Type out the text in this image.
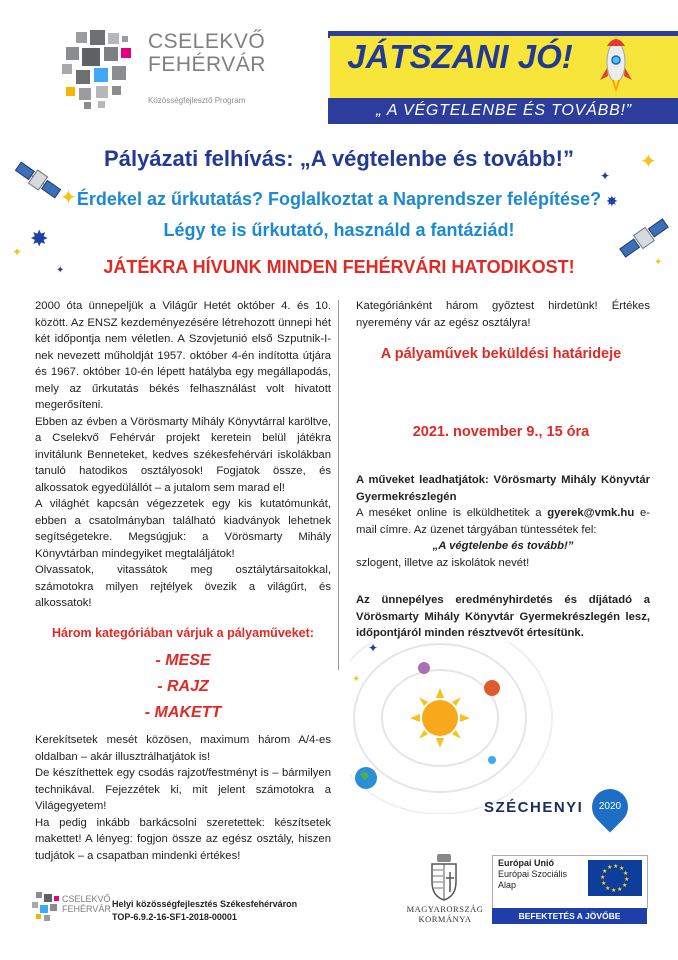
CSELEKVŐ
FEHÉRVÁR
Közösségfejlesztő Program
JÁTSZANI JÓ!
„ A VÉGTELENBE ÉS TOVÁBB!”
✦
✸
✦
✦
✦
✦
✸
✦
Pályázati felhívás: „A végtelenbe és tovább!”
Érdekel az űrkutatás? Foglalkoztat a Naprendszer felépítése?
Légy te is űrkutató, használd a fantáziád!
JÁTÉKRA HÍVUNK MINDEN FEHÉRVÁRI HATODIKOST!
2000 óta ünnepeljük a Világűr Hetét október 4. és 10. között. Az ENSZ kezdeményezésére létrehozott ünnepi hét két időpontja nem véletlen. A Szovjetunió első Szputnik-I-nek nevezett műholdját 1957. október 4-én indította útjára és 1967. október 10-én lépett hatályba egy megállapodás, mely az űrkutatás békés felhasználást volt hivatott megerősíteni.
Ebben az évben a Vörösmarty Mihály Könyvtárral karöltve, a Cselekvő Fehérvár projekt keretein belül játékra invitálunk Benneteket, kedves székesfehérvári iskolákban tanuló hatodikos osztályosok! Fogjatok össze, és alkossatok egyedülállót – a jutalom sem marad el!
A világhét kapcsán végezzetek egy kis kutatómunkát, ebben a csatolmányban található kiadványok lehetnek segítségetekre. Megsúgjuk: a Vörösmarty Mihály Könyvtárban mindegyiket megtaláljátok!
Olvassatok, vitassátok meg osztálytársaitokkal, számotokra milyen rejtélyek övezik a világűrt, és alkossatok!
Három kategóriában várjuk a pályaműveket:
- MESE
- RAJZ
- MAKETT
Kerekítsetek mesét közösen, maximum három A/4-es oldalban – akár illusztrálhatjátok is!
De készíthettek egy csodás rajzot/festményt is – bármilyen technikával. Fejezzétek ki, mit jelent számotokra a Világegyetem!
Ha pedig inkább barkácsolni szeretettek: készítsetek makettet! A lényeg: fogjon össze az egész osztály, hiszen tudjátok – a csapatban mindenki értékes!
Kategóriánként három győztest hirdetünk! Értékes nyeremény vár az egész osztályra!
A pályaművek beküldési határideje
2021. november 9., 15 óra
A műveket leadhatjátok: Vörösmarty Mihály Könyvtár Gyermekrészlegén
A meséket online is elküldhetitek a gyerek@vmk.hu e-mail címre. Az üzenet tárgyában tüntessétek fel:
„A végtelenbe és tovább!”
szlogent, illetve az iskolátok nevét!
Az ünnepélyes eredményhirdetés és díjátadó a Vörösmarty Mihály Könyvtár Gyermekrészlegén lesz, időpontjáról minden résztvevőt értesítünk.
✦
✦
SZÉCHENYI	2020
CSELEKVŐ
FEHÉRVÁR Helyi közösségfejlesztés Székesfehérváron
TOP-6.9.2-16-SF1-2018-00001
MAGYARORSZÁG
KORMÁNYA
Európai Unió
Európai Szociális
Alap
★ ★
★
★
★
★
★
★
★
★
★
★
BEFEKTETÉS A JÖVŐBE
